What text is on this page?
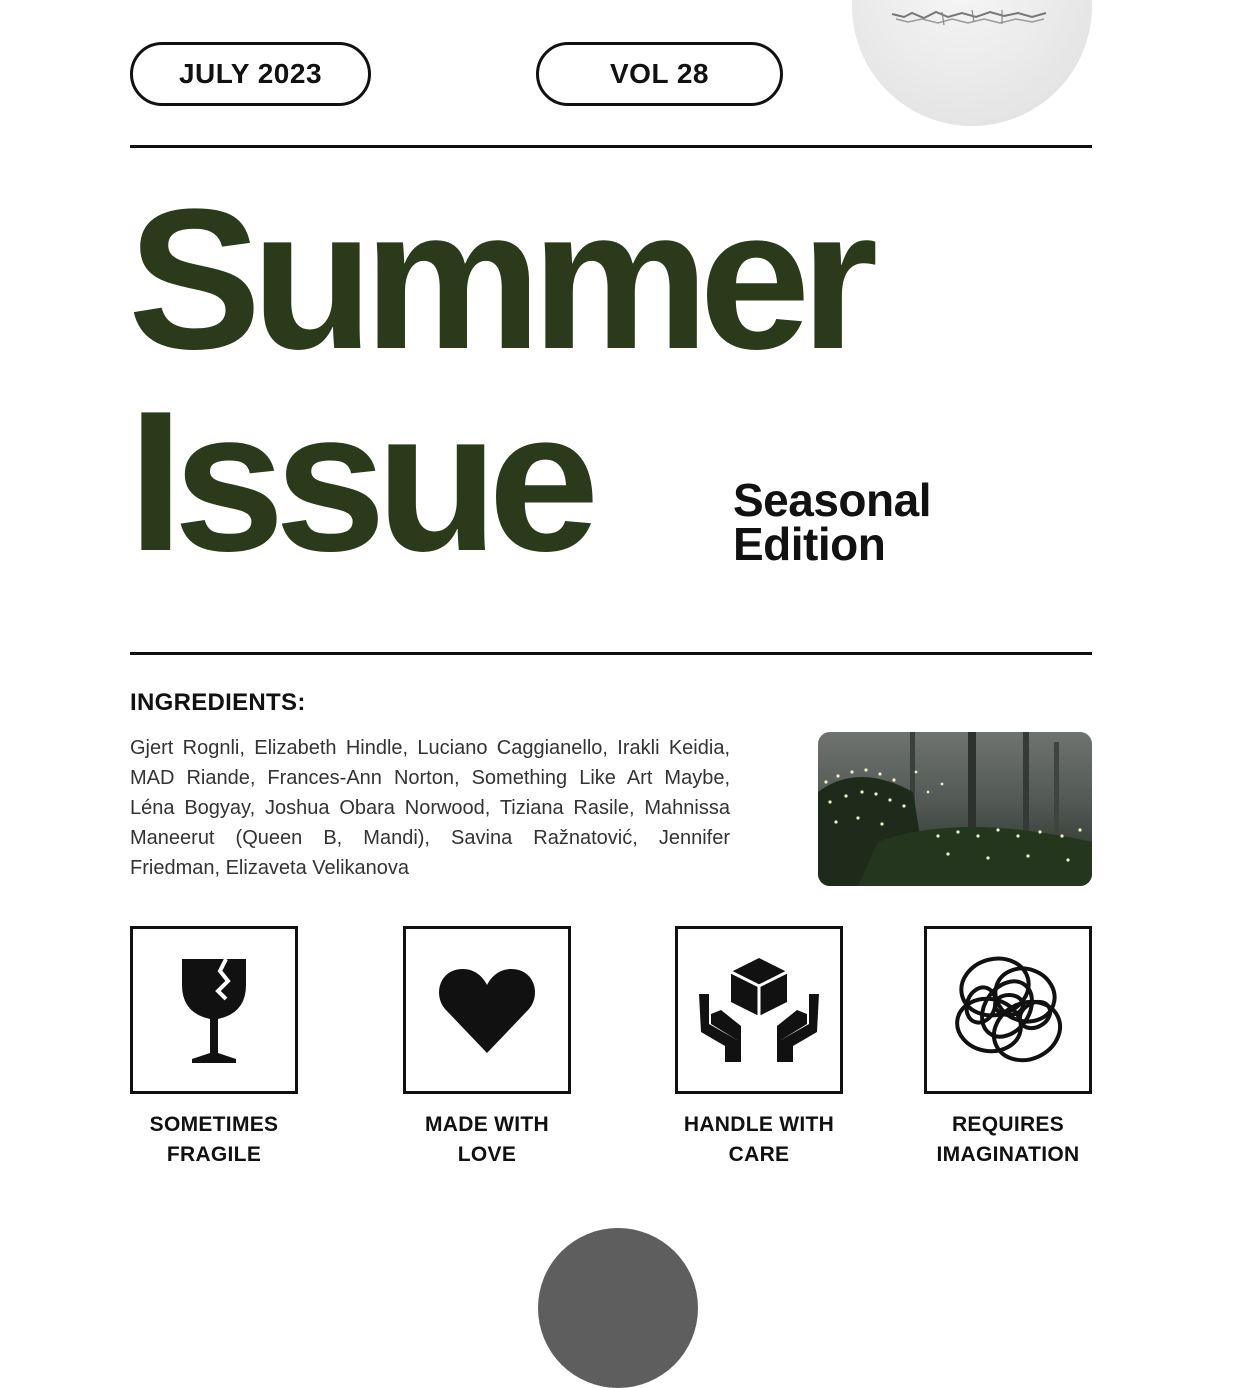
JULY 2023	VOL 28
Summer
Issue	Seasonal

Edition

INGREDIENTS:

Gjert Rognli, Elizabeth Hindle, Luciano Caggianello, Irakli Keidia, MAD Riande, Frances-Ann Norton, Something Like Art Maybe, Léna Bogyay, Joshua Obara Norwood, Tiziana Rasile, Mahnissa Maneerut (Queen B, Mandi), Savina Ražnatović, Jennifer Friedman, Elizaveta Velikanova

SOMETIMES
FRAGILE

MADE WITH
LOVE

HANDLE WITH
CARE

REQUIRES
IMAGINATION
